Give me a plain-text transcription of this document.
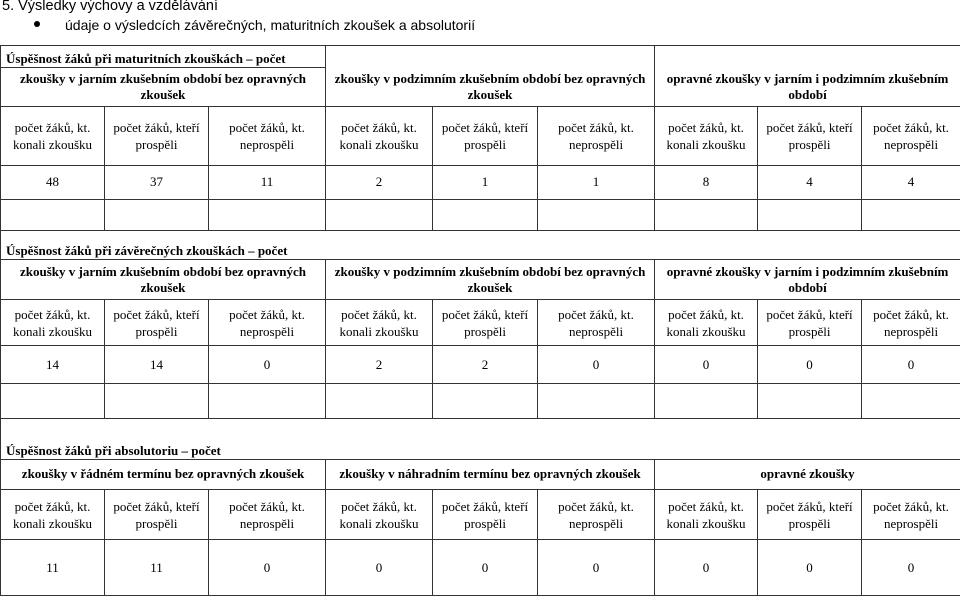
5. Výsledky výchovy a vzdělávání
údaje o výsledcích závěrečných, maturitních zkoušek a absolutorií
Úspěšnost žáků při maturitních zkouškách – počet								
zkoušky v jarním zkušebním období bez opravných zkoušek			zkoušky v podzimním zkušebním období bez opravných zkoušek			opravné zkoušky v jarním i podzimním zkušebním období		
počet žáků, kt. konali zkoušku	počet žáků, kteří prospěli	počet žáků, kt. neprospěli	počet žáků, kt. konali zkoušku	počet žáků, kteří prospěli	počet žáků, kt. neprospěli	počet žáků, kt. konali zkoušku	počet žáků, kteří prospěli	počet žáků, kt. neprospěli
48	37	11	2	1	1	8	4	4

Úspěšnost žáků při závěrečných zkouškách – počet								
zkoušky v jarním zkušebním období bez opravných zkoušek			zkoušky v podzimním zkušebním období bez opravných zkoušek			opravné zkoušky v jarním i podzimním zkušebním období		
počet žáků, kt. konali zkoušku	počet žáků, kteří prospěli	počet žáků, kt. neprospěli	počet žáků, kt. konali zkoušku	počet žáků, kteří prospěli	počet žáků, kt. neprospěli	počet žáků, kt. konali zkoušku	počet žáků, kteří prospěli	počet žáků, kt. neprospěli
14	14	0	2	2	0	0	0	0

Úspěšnost žáků při absolutoriu – počet								
zkoušky v řádném termínu bez opravných zkoušek			zkoušky v náhradním termínu bez opravných zkoušek			opravné zkoušky		
počet žáků, kt. konali zkoušku	počet žáků, kteří prospěli	počet žáků, kt. neprospěli	počet žáků, kt. konali zkoušku	počet žáků, kteří prospěli	počet žáků, kt. neprospěli	počet žáků, kt. konali zkoušku	počet žáků, kteří prospěli	počet žáků, kt. neprospěli
11	11	0	0	0	0	0	0	0
